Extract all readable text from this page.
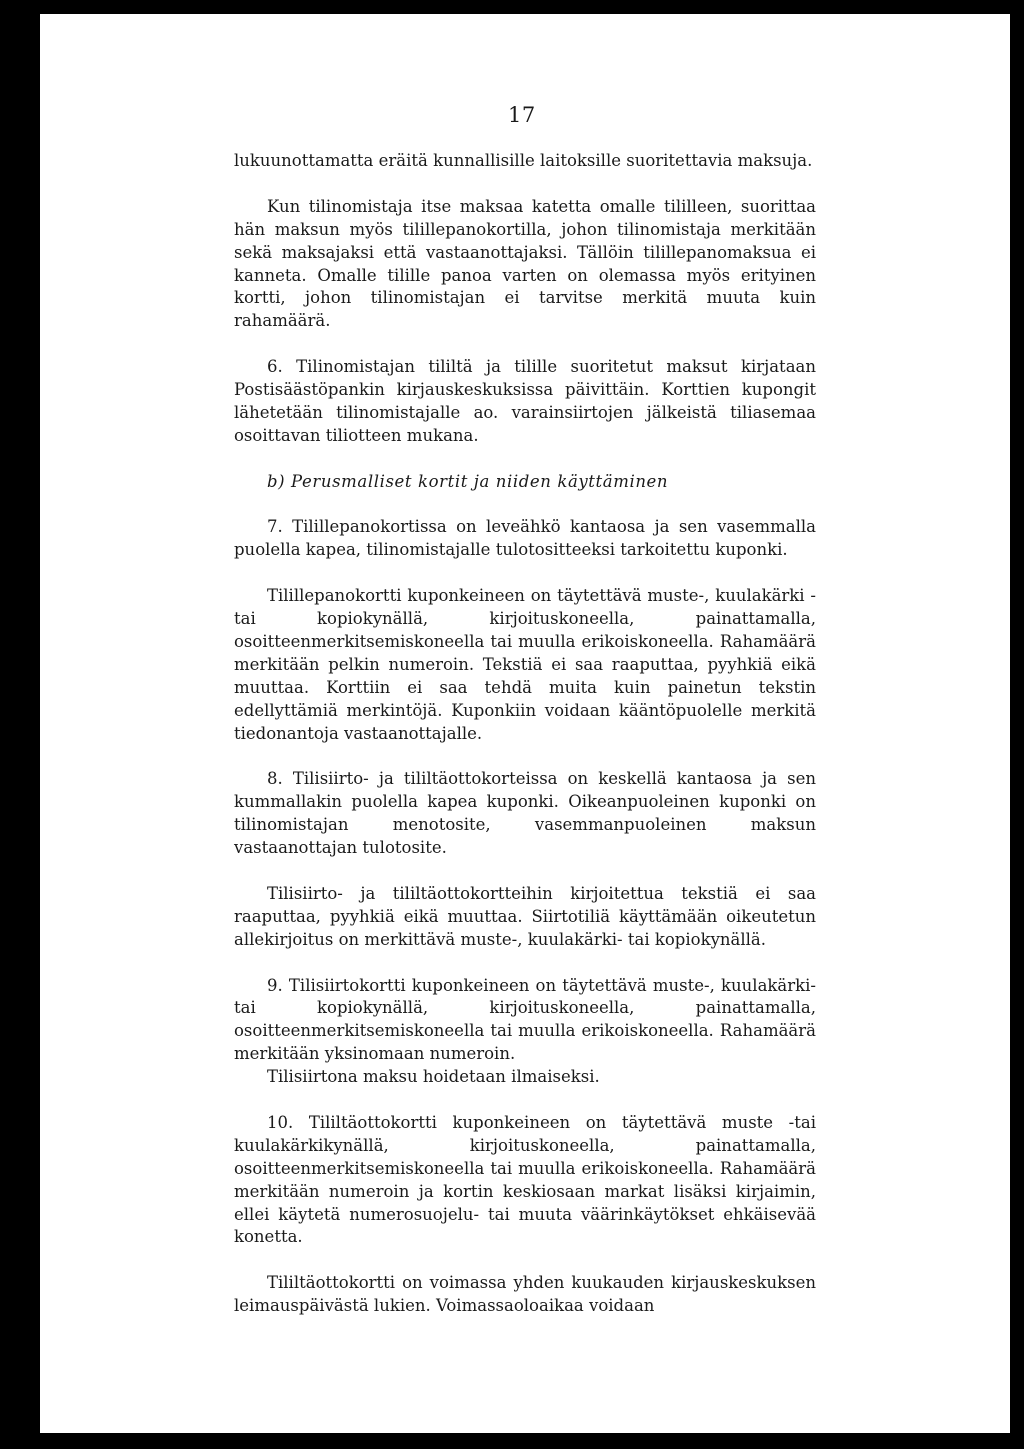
17

lukuunottamatta eräitä kunnallisille laitoksille suoritettavia maksuja.

Kun tilinomistaja itse maksaa katetta omalle tililleen, suorittaa hän maksun myös tilillepanokortilla, johon tilinomistaja merkitään sekä maksajaksi että vastaanottajaksi. Tällöin tilillepanomaksua ei kanneta. Omalle tilille panoa varten on olemassa myös erityinen kortti, johon tilinomistajan ei tarvitse merkitä muuta kuin rahamäärä.

6. Tilinomistajan tililtä ja tilille suoritetut maksut kirjataan Postisäästöpankin kirjauskeskuksissa päivittäin. Korttien kupongit lähetetään tilinomistajalle ao. varainsiirtojen jälkeistä tiliasemaa osoittavan tiliotteen mukana.

b) Perusmalliset kortit ja niiden käyttäminen

7. Tilillepanokortissa on leveähkö kantaosa ja sen vasemmalla puolella kapea, tilinomistajalle tulotositteeksi tarkoitettu kuponki.

Tilillepanokortti kuponkeineen on täytettävä muste-, kuulakärki -tai kopiokynällä, kirjoituskoneella, painattamalla, osoitteenmerkitsemiskoneella tai muulla erikoiskoneella. Rahamäärä merkitään pelkin numeroin. Tekstiä ei saa raaputtaa, pyyhkiä eikä muuttaa. Korttiin ei saa tehdä muita kuin painetun tekstin edellyttämiä merkintöjä. Kuponkiin voidaan kääntöpuolelle merkitä tiedonantoja vastaanottajalle.

8. Tilisiirto- ja tililtäottokorteissa on keskellä kantaosa ja sen kummallakin puolella kapea kuponki. Oikeanpuoleinen kuponki on tilinomistajan menotosite, vasemmanpuoleinen maksun vastaanottajan tulotosite.

Tilisiirto- ja tililtäottokortteihin kirjoitettua tekstiä ei saa raaputtaa, pyyhkiä eikä muuttaa. Siirtotiliä käyttämään oikeutetun allekirjoitus on merkittävä muste-, kuulakärki- tai kopiokynällä.

9. Tilisiirtokortti kuponkeineen on täytettävä muste-, kuulakärki- tai kopiokynällä, kirjoituskoneella, painattamalla, osoitteenmerkitsemiskoneella tai muulla erikoiskoneella. Rahamäärä merkitään yksinomaan numeroin.

Tilisiirtona maksu hoidetaan ilmaiseksi.

10. Tililtäottokortti kuponkeineen on täytettävä muste -tai kuulakärkikynällä, kirjoituskoneella, painattamalla, osoitteenmerkitsemiskoneella tai muulla erikoiskoneella. Rahamäärä merkitään numeroin ja kortin keskiosaan markat lisäksi kirjaimin, ellei käytetä numerosuojelu- tai muuta väärinkäytökset ehkäisevää konetta.

Tililtäottokortti on voimassa yhden kuukauden kirjauskeskuksen leimauspäivästä lukien. Voimassaoloaikaa voidaan
